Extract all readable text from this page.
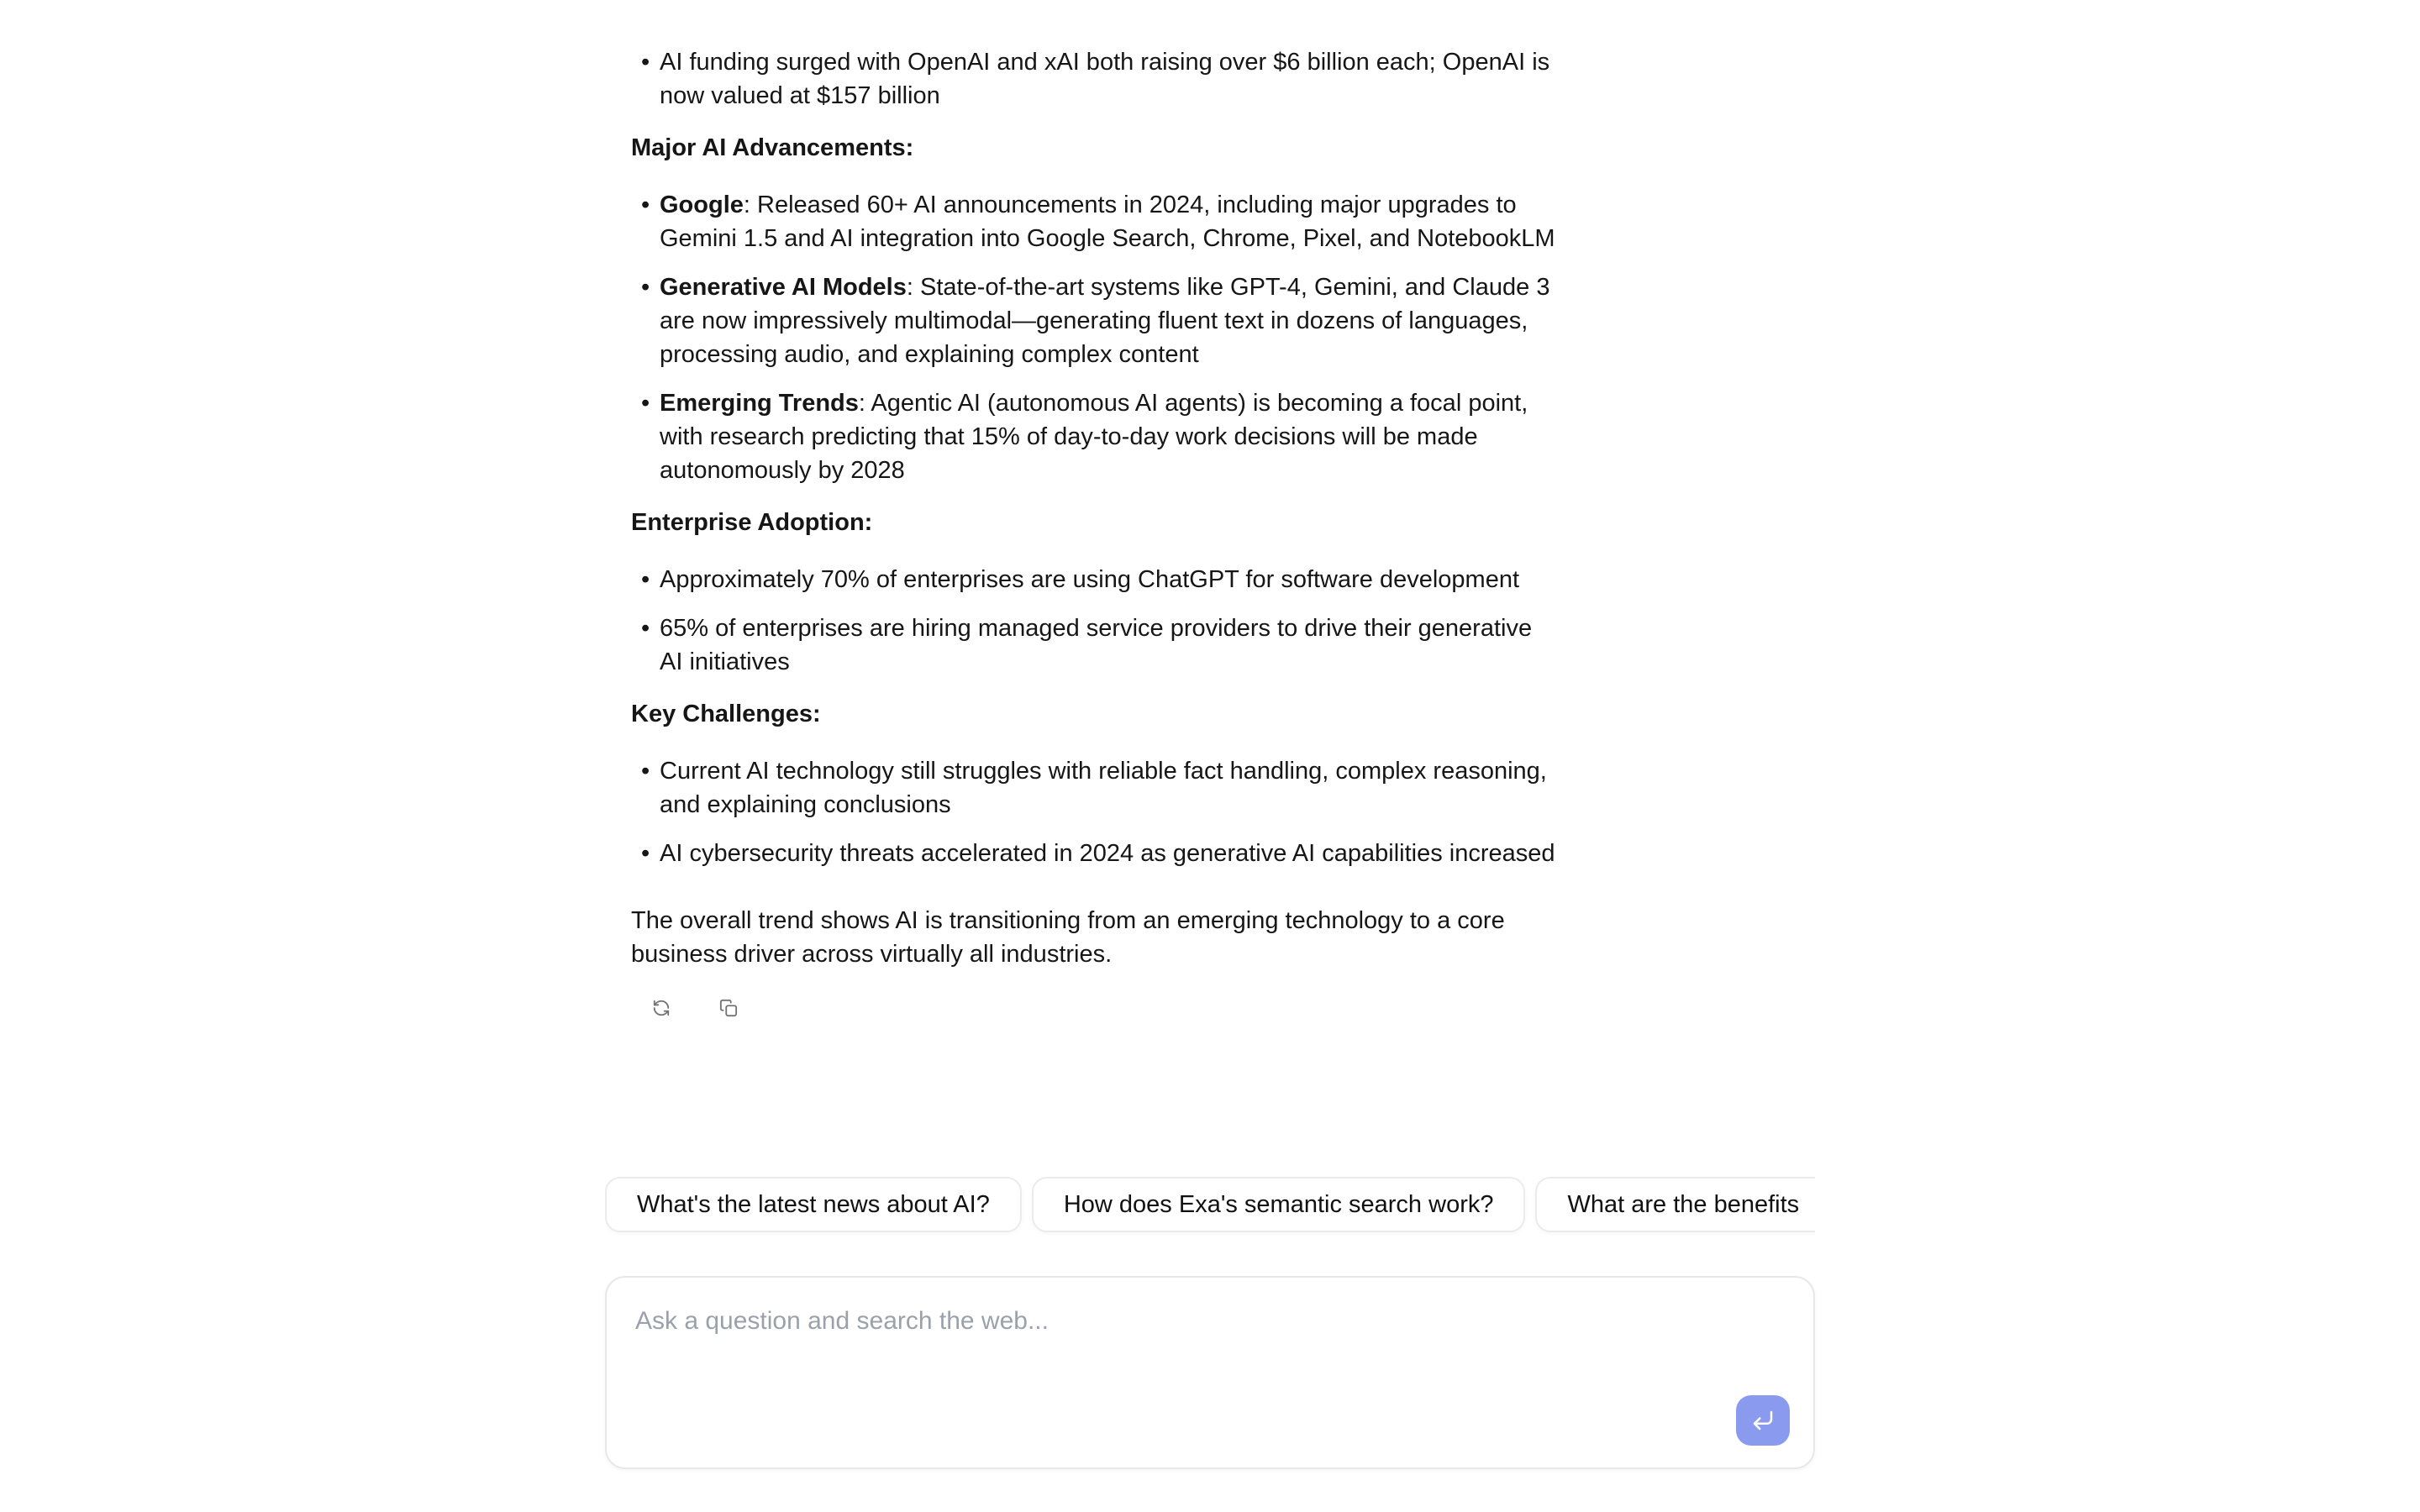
• AI funding surged with OpenAI and xAI both raising over $6 billion each; OpenAI is now valued at $157 billion
Major AI Advancements:
• Google: Released 60+ AI announcements in 2024, including major upgrades to Gemini 1.5 and AI integration into Google Search, Chrome, Pixel, and NotebookLM
• Generative AI Models: State-of-the-art systems like GPT-4, Gemini, and Claude 3 are now impressively multimodal—generating fluent text in dozens of languages, processing audio, and explaining complex content
• Emerging Trends: Agentic AI (autonomous AI agents) is becoming a focal point, with research predicting that 15% of day-to-day work decisions will be made autonomously by 2028
Enterprise Adoption:
• Approximately 70% of enterprises are using ChatGPT for software development
• 65% of enterprises are hiring managed service providers to drive their generative AI initiatives
Key Challenges:
• Current AI technology still struggles with reliable fact handling, complex reasoning, and explaining conclusions
• AI cybersecurity threats accelerated in 2024 as generative AI capabilities increased

The overall trend shows AI is transitioning from an emerging technology to a core business driver across virtually all industries.

What's the latest news about AI?	How does Exa's semantic search work?	What are the benefits
Ask a question and search the web...
